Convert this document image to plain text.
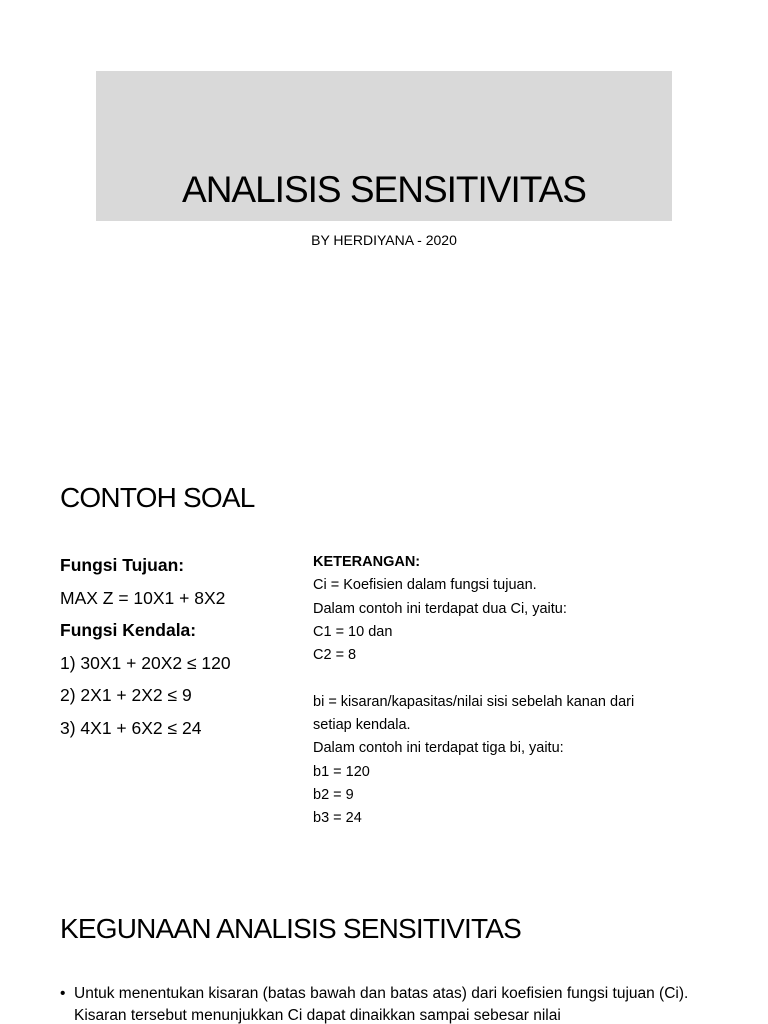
ANALISIS SENSITIVITAS
BY HERDIYANA - 2020
CONTOH SOAL
Fungsi Tujuan:
MAX Z = 10X1 + 8X2
Fungsi Kendala:
1) 30X1 + 20X2 ≤ 120
2) 2X1 + 2X2 ≤ 9
3) 4X1 + 6X2 ≤ 24
KETERANGAN:
Ci = Koefisien dalam fungsi tujuan.
Dalam contoh ini terdapat dua Ci, yaitu:
C1 = 10 dan
C2 = 8
bi = kisaran/kapasitas/nilai sisi sebelah kanan dari
setiap kendala.
Dalam contoh ini terdapat tiga bi, yaitu:
b1 = 120
b2 = 9
b3 = 24
KEGUNAAN ANALISIS SENSITIVITAS
• Untuk menentukan kisaran (batas bawah dan batas atas) dari koefisien fungsi tujuan (Ci). Kisaran tersebut menunjukkan Ci dapat dinaikkan sampai sebesar nilai
